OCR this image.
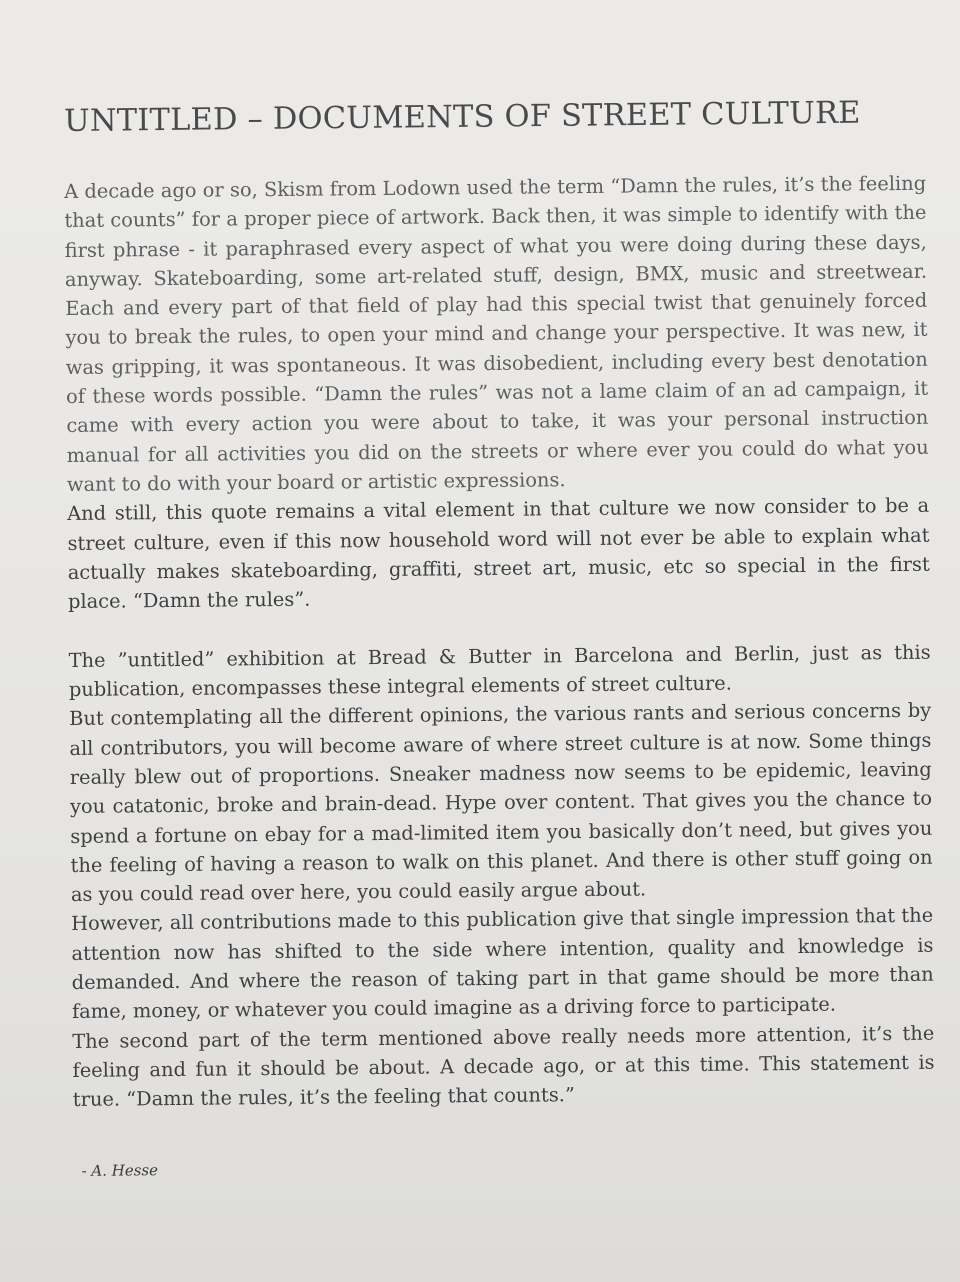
UNTITLED – DOCUMENTS OF STREET CULTURE

A decade ago or so, Skism from Lodown used the term “Damn the rules, it’s the feeling that counts” for a proper piece of artwork. Back then, it was simple to identify with the first phrase - it paraphrased every aspect of what you were doing during these days, anyway. Skateboarding, some art-related stuff, design, BMX, music and streetwear. Each and every part of that field of play had this special twist that genuinely forced you to break the rules, to open your mind and change your perspective. It was new, it was gripping, it was spontaneous. It was disobedient, including every best denotation of these words possible. “Damn the rules” was not a lame claim of an ad campaign, it came with every action you were about to take, it was your personal instruction manual for all activities you did on the streets or where ever you could do what you want to do with your board or artistic expressions.

And still, this quote remains a vital element in that culture we now consider to be a street culture, even if this now household word will not ever be able to explain what actually makes skateboarding, graffiti, street art, music, etc so special in the first place. “Damn the rules”.

The ”untitled” exhibition at Bread & Butter in Barcelona and Berlin, just as this publication, encompasses these integral elements of street culture.

But contemplating all the different opinions, the various rants and serious concerns by all contributors, you will become aware of where street culture is at now. Some things really blew out of proportions. Sneaker madness now seems to be epidemic, leaving you catatonic, broke and brain-dead. Hype over content. That gives you the chance to spend a fortune on ebay for a mad-limited item you basically don’t need, but gives you the feeling of having a reason to walk on this planet. And there is other stuff going on as you could read over here, you could easily argue about.

However, all contributions made to this publication give that single impression that the attention now has shifted to the side where intention, quality and knowledge is demanded. And where the reason of taking part in that game should be more than fame, money, or whatever you could imagine as a driving force to participate.

The second part of the term mentioned above really needs more attention, it’s the feeling and fun it should be about. A decade ago, or at this time. This statement is true. “Damn the rules, it’s the feeling that counts.”

- A. Hesse
